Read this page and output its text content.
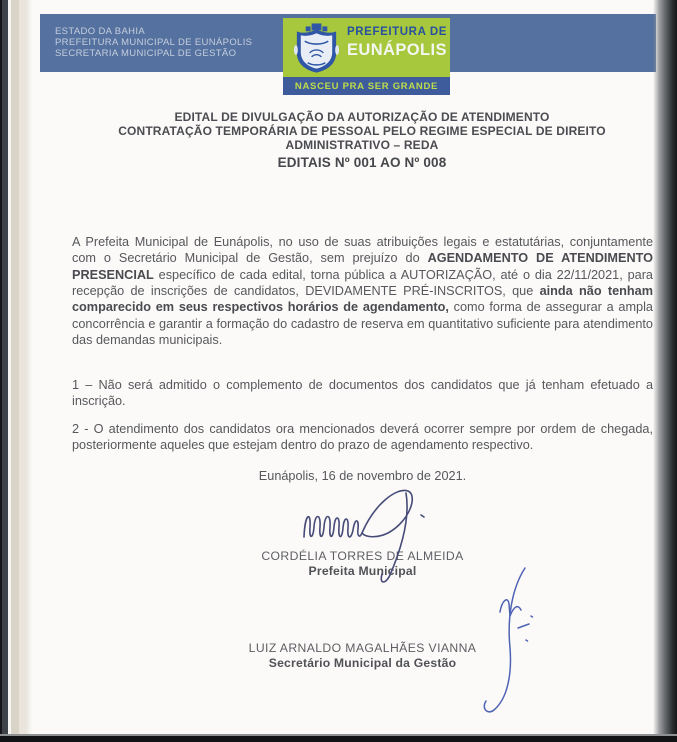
ESTADO DA BAHIA
PREFEITURA MUNICIPAL DE EUNÁPOLIS
SECRETARIA MUNICIPAL DE GESTÃO
PREFEITURA DE
EUNÁPOLIS
NASCEU PRA SER GRANDE
EDITAL DE DIVULGAÇÃO DA AUTORIZAÇÃO DE ATENDIMENTO
CONTRATAÇÃO TEMPORÁRIA DE PESSOAL PELO REGIME ESPECIAL DE DIREITO
ADMINISTRATIVO – REDA
EDITAIS Nº 001 AO Nº 008

A Prefeita Municipal de Eunápolis, no uso de suas atribuições legais e estatutárias, conjuntamente com o Secretário Municipal de Gestão, sem prejuízo do AGENDAMENTO DE ATENDIMENTO PRESENCIAL específico de cada edital, torna pública a AUTORIZAÇÃO, até o dia 22/11/2021, para recepção de inscrições de candidatos, DEVIDAMENTE PRÉ-INSCRITOS, que ainda não tenham comparecido em seus respectivos horários de agendamento, como forma de assegurar a ampla concorrência e garantir a formação do cadastro de reserva em quantitativo suficiente para atendimento das demandas municipais.

1 – Não será admitido o complemento de documentos dos candidatos que já tenham efetuado a inscrição.

2 - O atendimento dos candidatos ora mencionados deverá ocorrer sempre por ordem de chegada, posteriormente aqueles que estejam dentro do prazo de agendamento respectivo.

Eunápolis, 16 de novembro de 2021.
CORDÉLIA TORRES DE ALMEIDA
Prefeita Municipal
LUIZ ARNALDO MAGALHÃES VIANNA
Secretário Municipal da Gestão
